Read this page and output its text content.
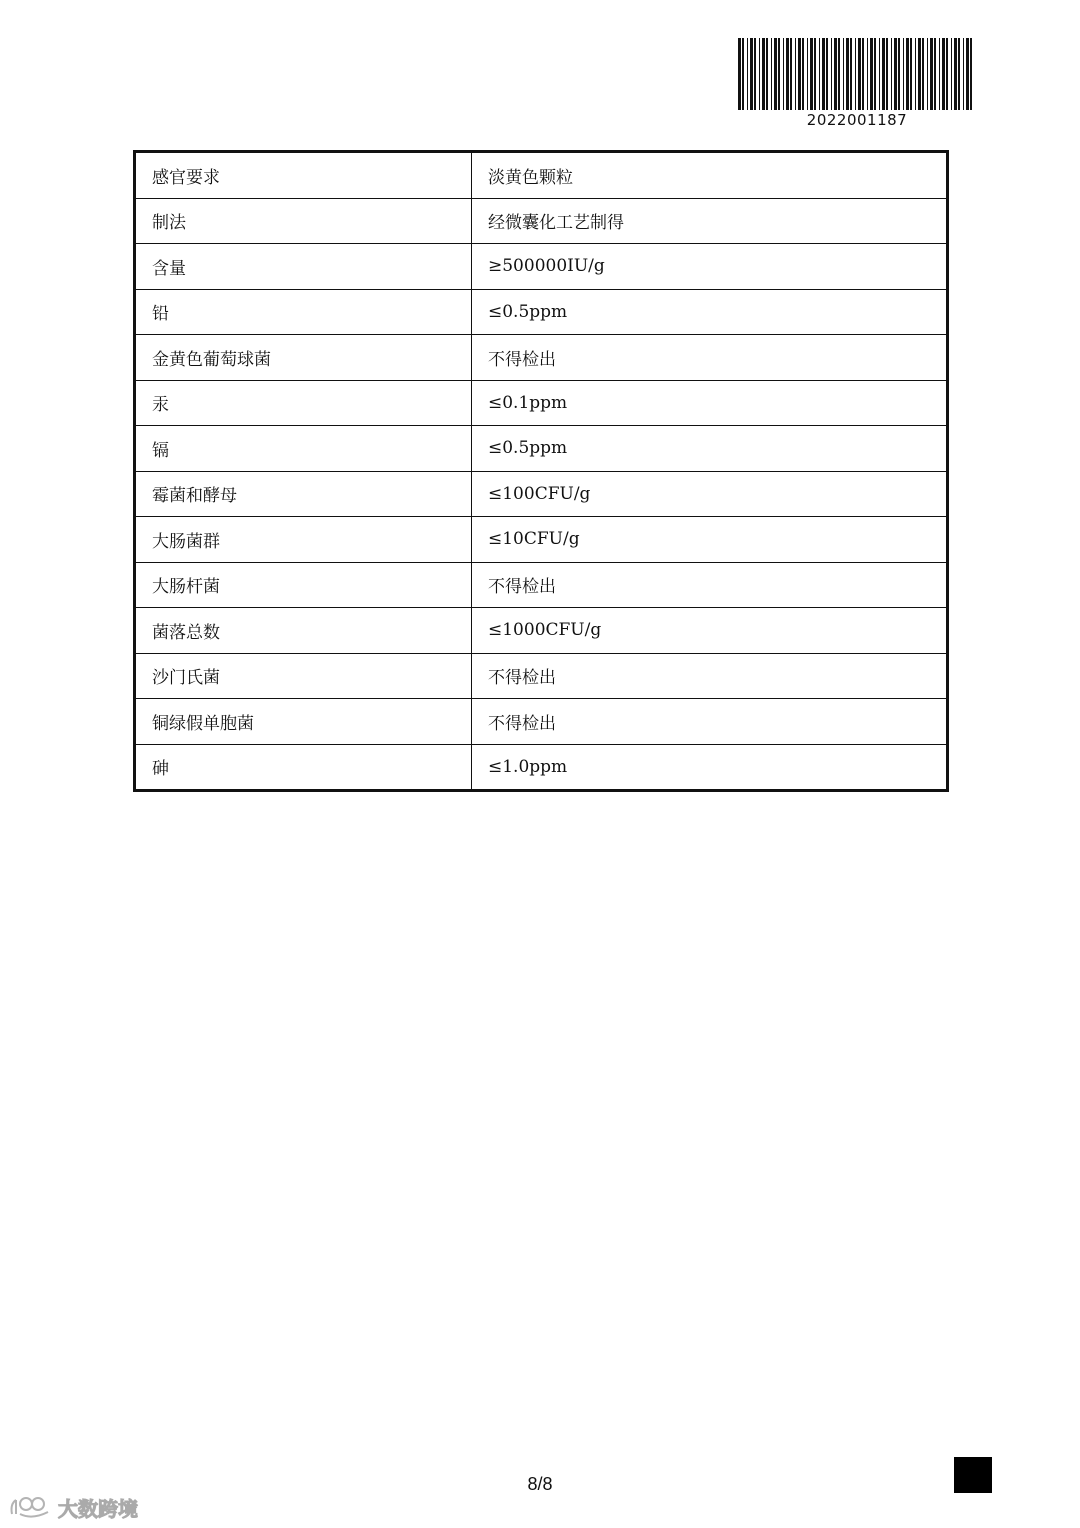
2022001187
感官要求	淡黄色颗粒
制法	经微囊化工艺制得
含量	≥500000IU/g
铅	≤0.5ppm
金黄色葡萄球菌	不得检出
汞	≤0.1ppm
镉	≤0.5ppm
霉菌和酵母	≤100CFU/g
大肠菌群	≤10CFU/g
大肠杆菌	不得检出
菌落总数	≤1000CFU/g
沙门氏菌	不得检出
铜绿假单胞菌	不得检出
砷	≤1.0ppm
8/8
大数跨境
